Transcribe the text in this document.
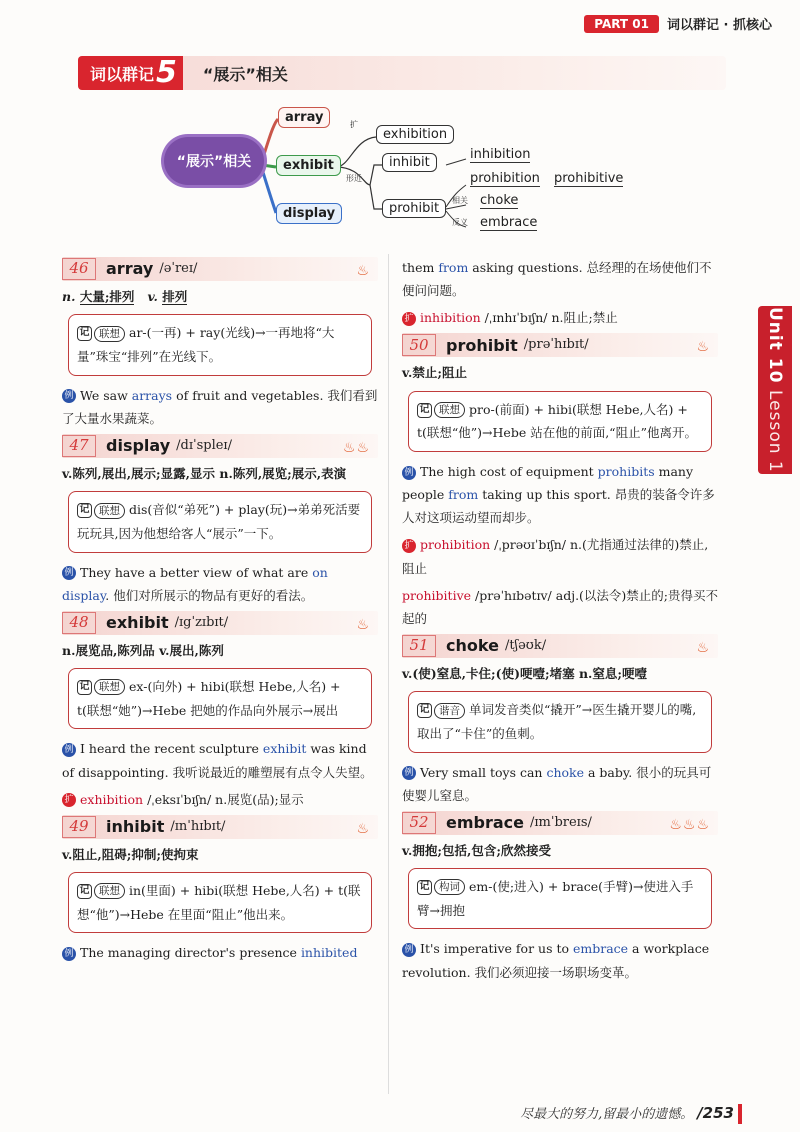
PART 01	词以群记 · 抓核心
词以群记 5 “展示”相关
“展示”相关
array
exhibit
display
扩
形近
exhibition
inhibit
prohibit
inhibition
prohibition prohibitive
相关 choke
反义 embrace
46	array /əˈreɪ/	♨
n. 大量;排列 v. 排列
记 联想 ar-(一再) + ray(光线)→一再地将“大量”珠宝“排列”在光线下。
例 We saw arrays of fruit and vegetables. 我们看到了大量水果蔬菜。
47	display /dɪˈspleɪ/	♨♨
v.陈列,展出,展示;显露,显示 n.陈列,展览;展示,表演
记 联想 dis(音似“弟死”) + play(玩)→弟弟死活要玩玩具,因为他想给客人“展示”一下。
例 They have a better view of what are on display. 他们对所展示的物品有更好的看法。
48	exhibit /ɪgˈzɪbɪt/	♨
n.展览品,陈列品 v.展出,陈列
记 联想 ex-(向外) + hibi(联想 Hebe,人名) + t(联想“她”)→Hebe 把她的作品向外展示→展出
例 I heard the recent sculpture exhibit was kind of disappointing. 我听说最近的雕塑展有点令人失望。
扩 exhibition /ˌeksɪˈbɪʃn/ n.展览(品);显示
49	inhibit /ɪnˈhɪbɪt/	♨
v.阻止,阻碍;抑制;使拘束
记 联想 in(里面) + hibi(联想 Hebe,人名) + t(联想“他”)→Hebe 在里面“阻止”他出来。
例 The managing director's presence inhibited
them from asking questions. 总经理的在场使他们不便问问题。
扩 inhibition /ˌɪnhɪˈbɪʃn/ n.阻止;禁止
50	prohibit /prəˈhɪbɪt/	♨
v.禁止;阻止
记 联想 pro-(前面) + hibi(联想 Hebe,人名) + t(联想“他”)→Hebe 站在他的前面,“阻止”他离开。
例 The high cost of equipment prohibits many people from taking up this sport. 昂贵的装备令许多人对这项运动望而却步。
扩 prohibition /ˌprəʊɪˈbɪʃn/ n.(尤指通过法律的)禁止,阻止
prohibitive /prəˈhɪbətɪv/ adj.(以法令)禁止的;贵得买不起的
51	choke /tʃəʊk/	♨
v.(使)窒息,卡住;(使)哽噎;堵塞 n.窒息;哽噎
记 谐音 单词发音类似“撬开”→医生撬开婴儿的嘴,取出了“卡住”的鱼刺。
例 Very small toys can choke a baby. 很小的玩具可使婴儿窒息。
52	embrace /ɪmˈbreɪs/	♨♨♨
v.拥抱;包括,包含;欣然接受
记 构词 em-(使;进入) + brace(手臂)→使进入手臂→拥抱
例 It's imperative for us to embrace a workplace revolution. 我们必须迎接一场职场变革。
Unit 10

Lesson 1
尽最大的努力,留最小的遗憾。 /253
